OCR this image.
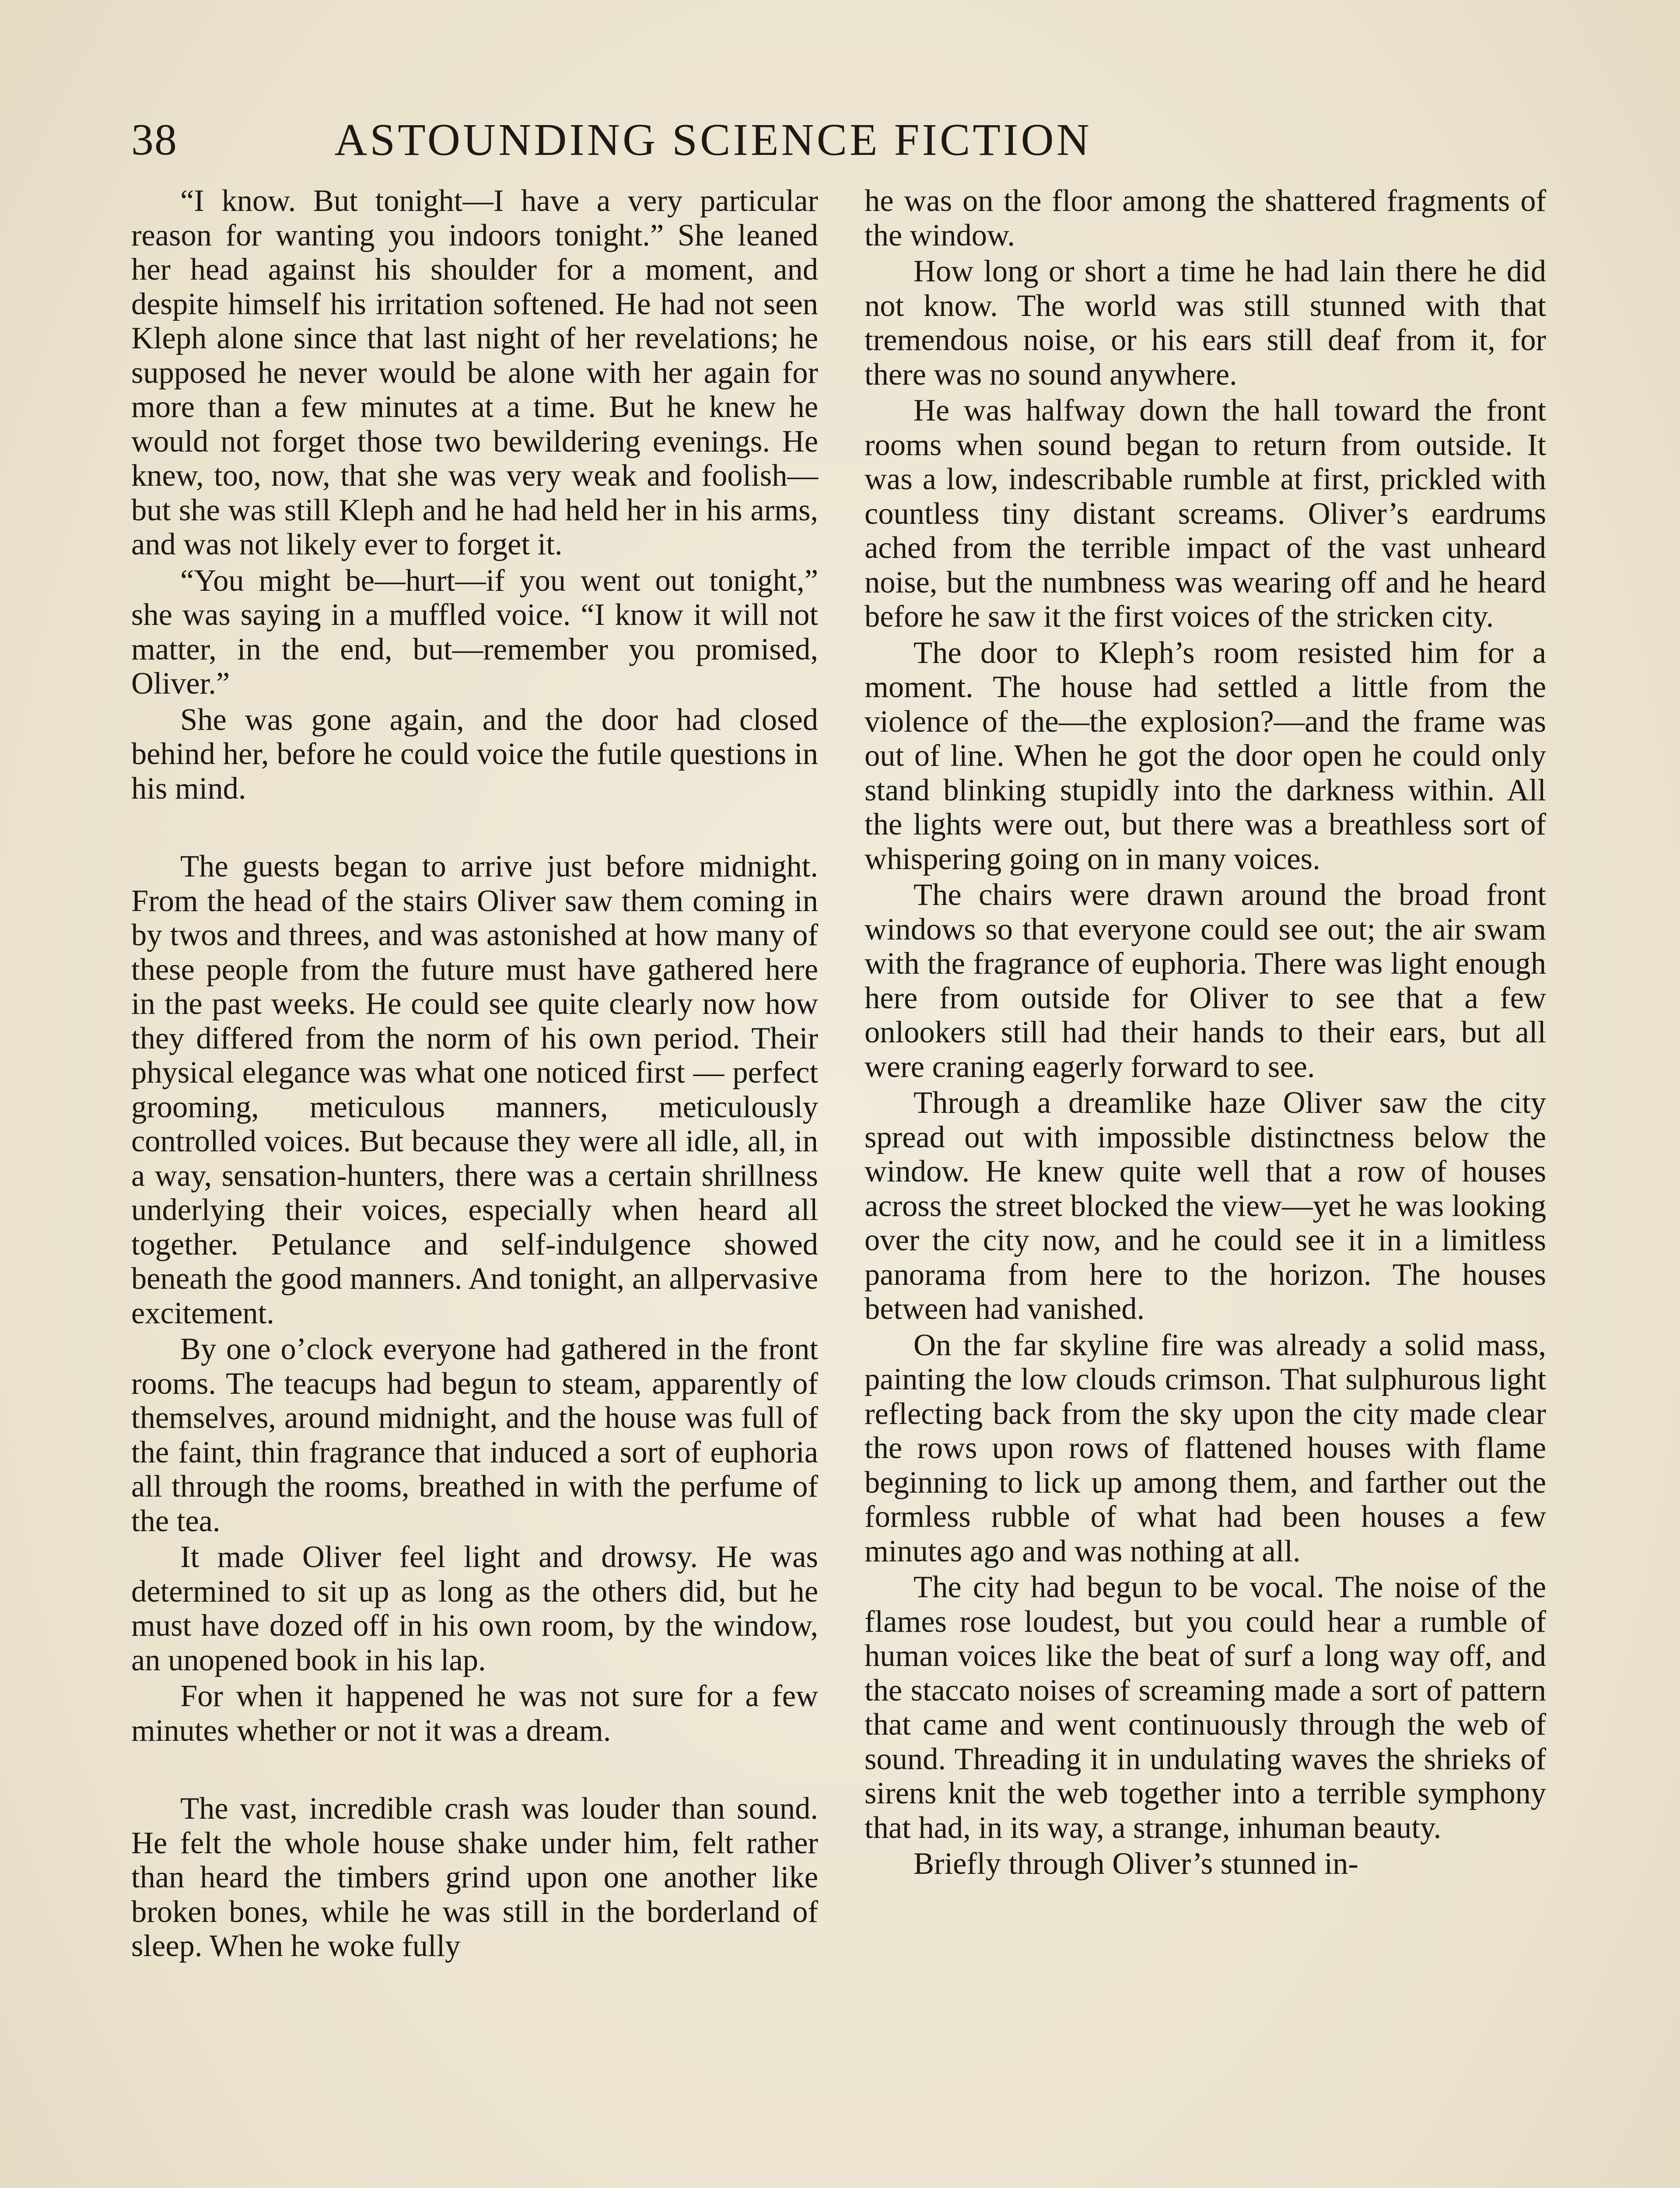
38	ASTOUNDING SCIENCE FICTION

“I know. But tonight—I have a very particular reason for wanting you indoors tonight.” She leaned her head against his shoulder for a moment, and despite himself his irritation softened. He had not seen Kleph alone since that last night of her revelations; he supposed he never would be alone with her again for more than a few minutes at a time. But he knew he would not forget those two bewildering evenings. He knew, too, now, that she was very weak and foolish—but she was still Kleph and he had held her in his arms, and was not likely ever to forget it.

“You might be—hurt—if you went out tonight,” she was saying in a muffled voice. “I know it will not matter, in the end, but—remember you promised, Oliver.”

She was gone again, and the door had closed behind her, before he could voice the futile questions in his mind.

The guests began to arrive just before midnight. From the head of the stairs Oliver saw them coming in by twos and threes, and was astonished at how many of these people from the future must have gathered here in the past weeks. He could see quite clearly now how they differed from the norm of his own period. Their physical elegance was what one noticed first — perfect grooming, meticulous manners, meticulously controlled voices. But because they were all idle, all, in a way, sensation-hunters, there was a certain shrillness underlying their voices, especially when heard all together. Petulance and self-indulgence showed beneath the good manners. And tonight, an allpervasive excitement.

By one o’clock everyone had gathered in the front rooms. The teacups had begun to steam, apparently of themselves, around midnight, and the house was full of the faint, thin fragrance that induced a sort of euphoria all through the rooms, breathed in with the perfume of the tea.

It made Oliver feel light and drowsy. He was determined to sit up as long as the others did, but he must have dozed off in his own room, by the window, an unopened book in his lap.

For when it happened he was not sure for a few minutes whether or not it was a dream.

The vast, incredible crash was louder than sound. He felt the whole house shake under him, felt rather than heard the timbers grind upon one another like broken bones, while he was still in the borderland of sleep. When he woke fully

he was on the floor among the shattered fragments of the window.

How long or short a time he had lain there he did not know. The world was still stunned with that tremendous noise, or his ears still deaf from it, for there was no sound anywhere.

He was halfway down the hall toward the front rooms when sound began to return from outside. It was a low, indescribable rumble at first, prickled with countless tiny distant screams. Oliver’s eardrums ached from the terrible impact of the vast unheard noise, but the numbness was wearing off and he heard before he saw it the first voices of the stricken city.

The door to Kleph’s room resisted him for a moment. The house had settled a little from the violence of the—the explosion?—and the frame was out of line. When he got the door open he could only stand blinking stupidly into the darkness within. All the lights were out, but there was a breathless sort of whispering going on in many voices.

The chairs were drawn around the broad front windows so that everyone could see out; the air swam with the fragrance of euphoria. There was light enough here from outside for Oliver to see that a few onlookers still had their hands to their ears, but all were craning eagerly forward to see.

Through a dreamlike haze Oliver saw the city spread out with impossible distinctness below the window. He knew quite well that a row of houses across the street blocked the view—yet he was looking over the city now, and he could see it in a limitless panorama from here to the horizon. The houses between had vanished.

On the far skyline fire was already a solid mass, painting the low clouds crimson. That sulphurous light reflecting back from the sky upon the city made clear the rows upon rows of flattened houses with flame beginning to lick up among them, and farther out the formless rubble of what had been houses a few minutes ago and was nothing at all.

The city had begun to be vocal. The noise of the flames rose loudest, but you could hear a rumble of human voices like the beat of surf a long way off, and the staccato noises of screaming made a sort of pattern that came and went continuously through the web of sound. Threading it in undulating waves the shrieks of sirens knit the web together into a terrible symphony that had, in its way, a strange, inhuman beauty.

Briefly through Oliver’s stunned in-
